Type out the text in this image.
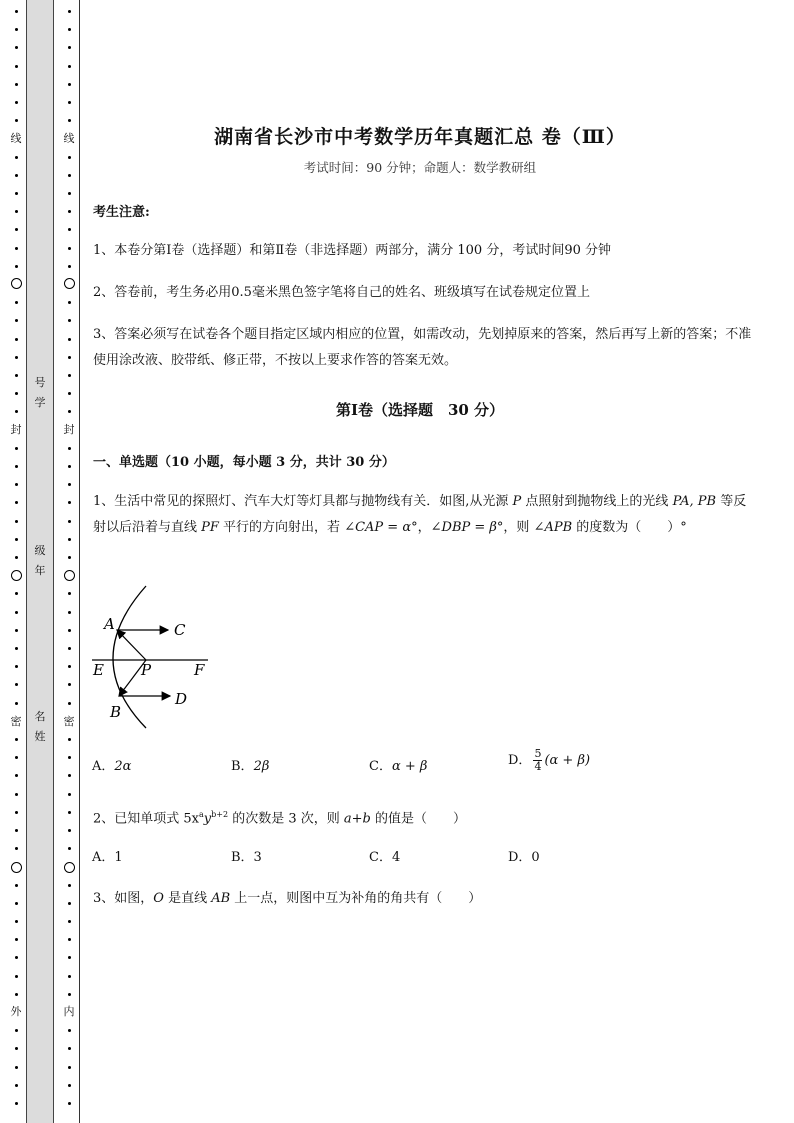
线
封
密
外
号
学
级
年
名
姓
线
封
密
内
湖南省长沙市中考数学历年真题汇总 卷（Ⅲ）
考试时间：90 分钟；命题人：数学教研组
考生注意:
1、本卷分第Ⅰ卷（选择题）和第Ⅱ卷（非选择题）两部分，满分 100 分，考试时间90 分钟
2、答卷前，考生务必用0.5毫米黑色签字笔将自己的姓名、班级填写在试卷规定位置上
3、答案必须写在试卷各个题目指定区域内相应的位置，如需改动，先划掉原来的答案，然后再写上新的答案；不准使用涂改液、胶带纸、修正带，不按以上要求作答的答案无效。
第Ⅰ卷（选择题　30 分）
一、单选题（10 小题，每小题 3 分，共计 30 分）
1、生活中常见的探照灯、汽车大灯等灯具都与抛物线有关．如图,从光源 P 点照射到抛物线上的光线 PA, PB 等反射以后沿着与直线 PF 平行的方向射出，若 ∠CAP = α°，∠DBP = β°，则 ∠APB 的度数为（　　）°
A	C
E P	F
D
B
A．2α	B．2β	C．α + β	D． $\frac{5}{4} (\alpha + \beta)$
2、已知单项式 $5x^ay^{b+2}$ 的次数是 3 次，则 a+b 的值是（　　）
A．1	B．3	C．4	D．0
3、如图，O 是直线 AB 上一点，则图中互为补角的角共有（　　）
